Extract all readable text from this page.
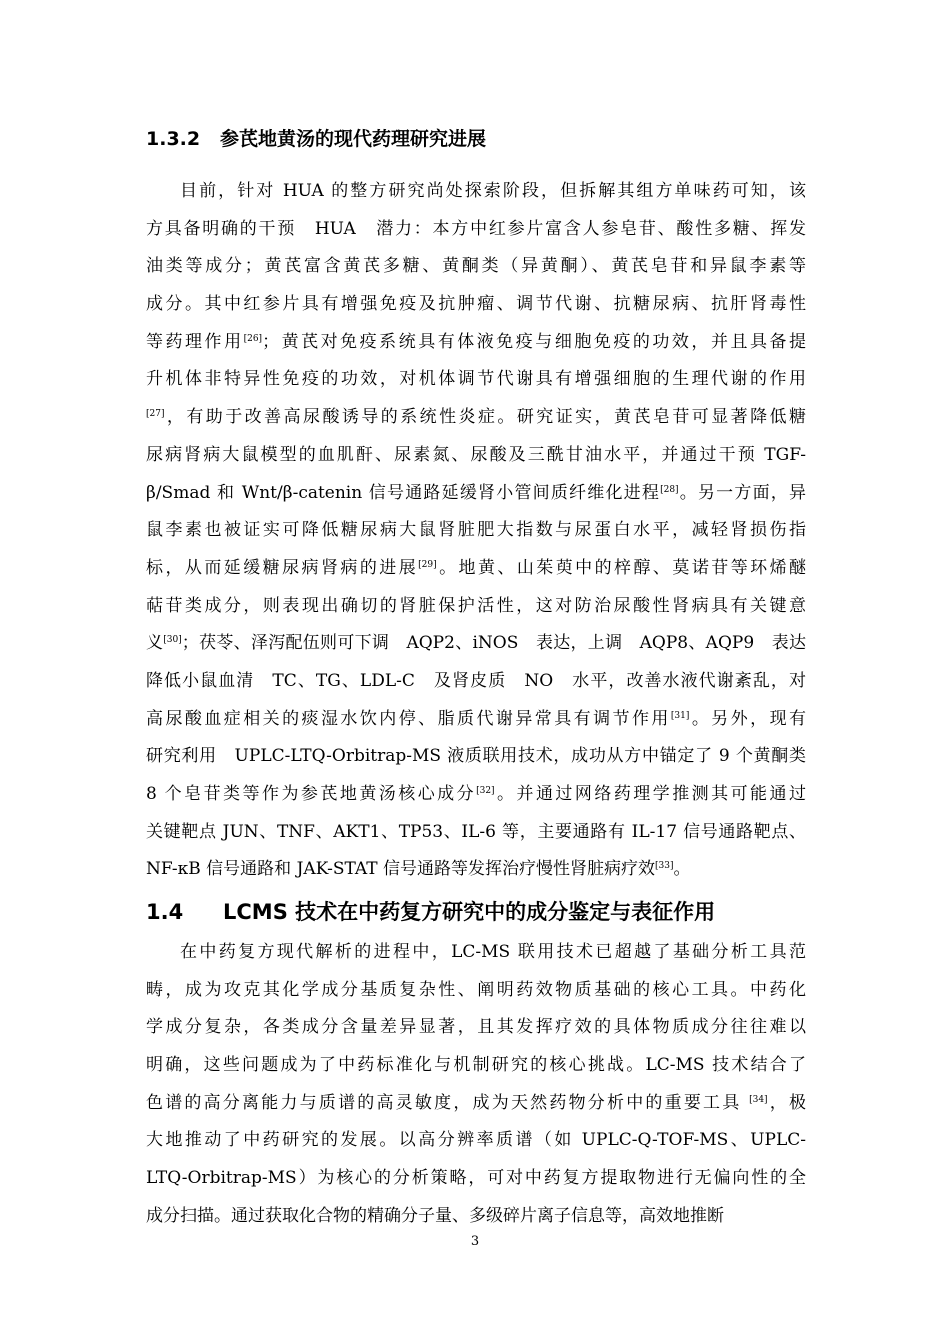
1.3.2 参芪地黄汤的现代药理研究进展
目前，针对 HUA 的整方研究尚处探索阶段，但拆解其组方单味药可知，该
方具备明确的干预　HUA　潜力：本方中红参片富含人参皂苷、酸性多糖、挥发
油类等成分；黄芪富含黄芪多糖、黄酮类（异黄酮）、黄芪皂苷和异鼠李素等
成分。其中红参片具有增强免疫及抗肿瘤、调节代谢、抗糖尿病、抗肝肾毒性
等药理作用[26]；黄芪对免疫系统具有体液免疫与细胞免疫的功效，并且具备提
升机体非特异性免疫的功效，对机体调节代谢具有增强细胞的生理代谢的作用
[27]，有助于改善高尿酸诱导的系统性炎症。研究证实，黄芪皂苷可显著降低糖
尿病肾病大鼠模型的血肌酐、尿素氮、尿酸及三酰甘油水平，并通过干预 TGF-
β/Smad 和 Wnt/β-catenin 信号通路延缓肾小管间质纤维化进程[28]。另一方面，异
鼠李素也被证实可降低糖尿病大鼠肾脏肥大指数与尿蛋白水平，减轻肾损伤指
标，从而延缓糖尿病肾病的进展[29]。地黄、山茱萸中的梓醇、莫诺苷等环烯醚
萜苷类成分，则表现出确切的肾脏保护活性，这对防治尿酸性肾病具有关键意
义[30]；茯苓、泽泻配伍则可下调　AQP2、iNOS　表达，上调　AQP8、AQP9　表达
降低小鼠血清　TC、TG、LDL-C　及肾皮质　NO　水平，改善水液代谢紊乱，对
高尿酸血症相关的痰湿水饮内停、脂质代谢异常具有调节作用[31]。另外，现有
研究利用　UPLC-LTQ-Orbitrap-MS 液质联用技术，成功从方中锚定了 9 个黄酮类
8 个皂苷类等作为参芪地黄汤核心成分[32]。并通过网络药理学推测其可能通过
关键靶点 JUN、TNF、AKT1、TP53、IL-6 等，主要通路有 IL-17 信号通路靶点、
NF-κB 信号通路和 JAK-STAT 信号通路等发挥治疗慢性肾脏病疗效[33]。
1.4 LCMS 技术在中药复方研究中的成分鉴定与表征作用
在中药复方现代解析的进程中，LC-MS 联用技术已超越了基础分析工具范
畴，成为攻克其化学成分基质复杂性、阐明药效物质基础的核心工具。中药化
学成分复杂，各类成分含量差异显著，且其发挥疗效的具体物质成分往往难以
明确，这些问题成为了中药标准化与机制研究的核心挑战。LC-MS 技术结合了
色谱的高分离能力与质谱的高灵敏度，成为天然药物分析中的重要工具 [34]，极
大地推动了中药研究的发展。以高分辨率质谱（如 UPLC-Q-TOF-MS、UPLC-
LTQ-Orbitrap-MS）为核心的分析策略，可对中药复方提取物进行无偏向性的全
成分扫描。通过获取化合物的精确分子量、多级碎片离子信息等，高效地推断
3
